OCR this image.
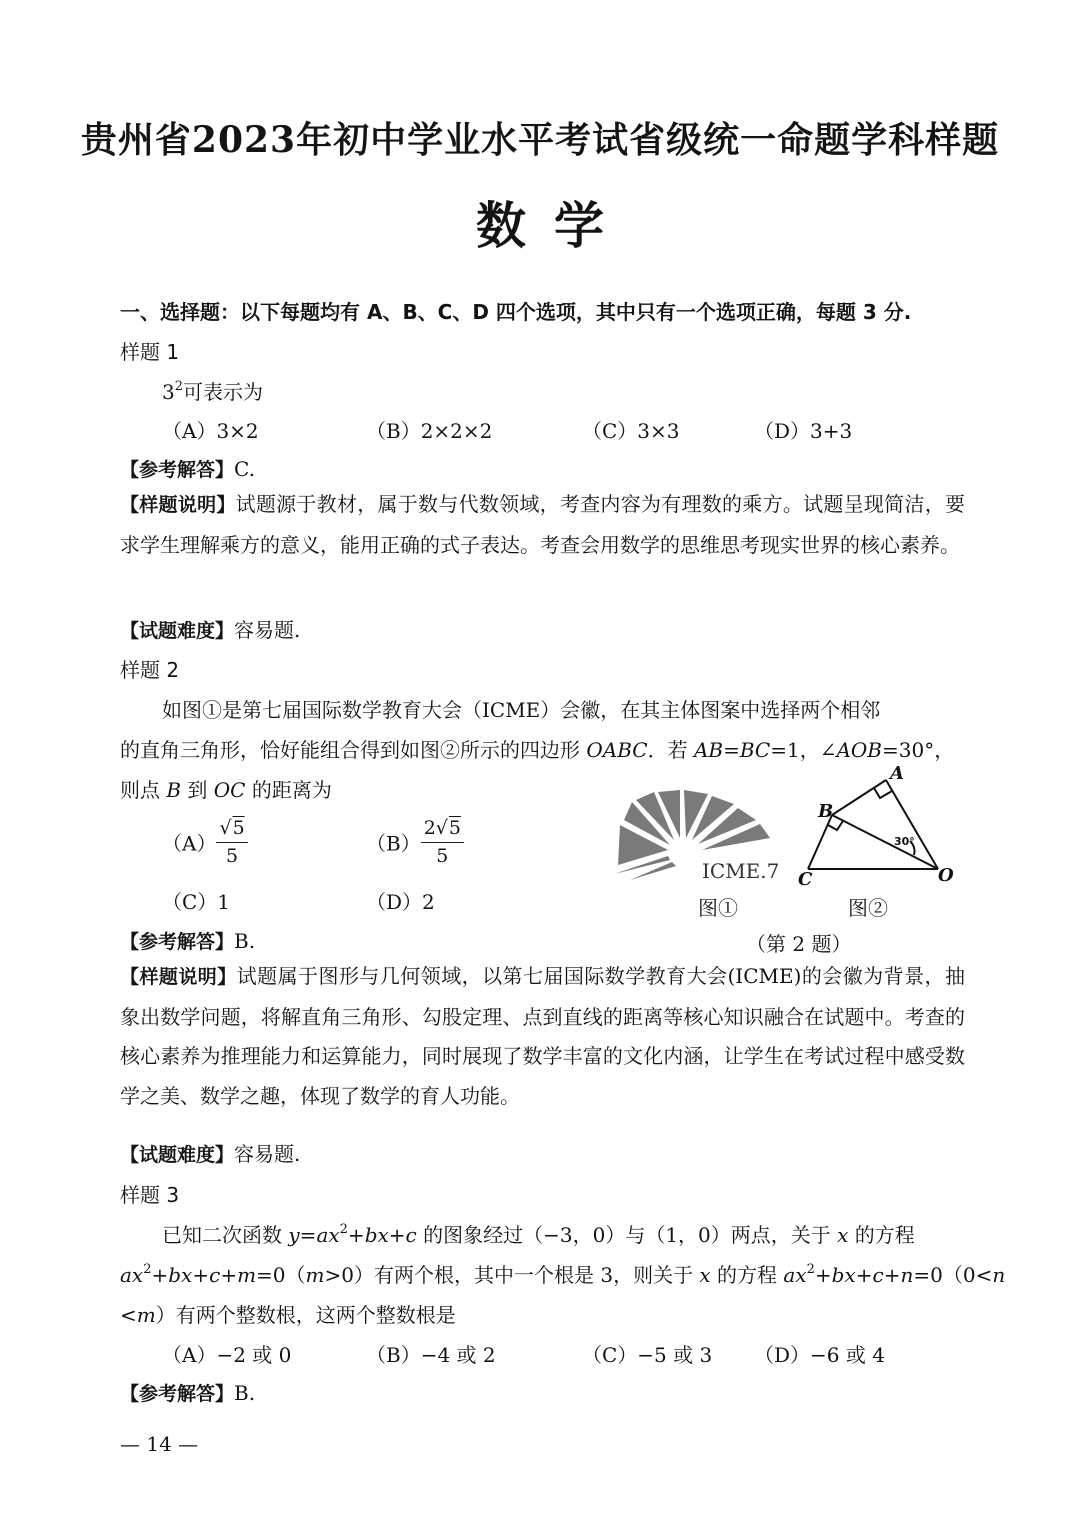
贵州省2023年初中学业水平考试省级统一命题学科样题
数学
一、选择题：以下每题均有 A、B、C、D 四个选项，其中只有一个选项正确，每题 3 分.
样题 1
$3^2$可表示为
（A）3×2	（B）2×2×2	（C）3×3	（D）3+3
【参考解答】C.
【样题说明】试题源于教材，属于数与代数领域，考查内容为有理数的乘方。试题呈现简洁，要求学生理解乘方的意义，能用正确的式子表达。考查会用数学的思维思考现实世界的核心素养。
【试题难度】容易题.
样题 2
如图①是第七届国际数学教育大会（ICME）会徽，在其主体图案中选择两个相邻
的直角三角形，恰好能组合得到如图②所示的四边形 OABC．若 AB=BC=1，∠AOB=30°，
则点 B 到 OC 的距离为
$(A) \frac{√5}{5}$	$(B) \frac{2√5}{5}$
（C）1	（D）2
ICME.7
A
B
C	O
30°
图①	图②
（第 2 题）
【参考解答】B.
【样题说明】试题属于图形与几何领域，以第七届国际数学教育大会(ICME)的会徽为背景，抽象出数学问题，将解直角三角形、勾股定理、点到直线的距离等核心知识融合在试题中。考查的核心素养为推理能力和运算能力，同时展现了数学丰富的文化内涵，让学生在考试过程中感受数学之美、数学之趣，体现了数学的育人功能。
【试题难度】容易题.
样题 3
已知二次函数 $y=ax^2+bx+c$ 的图象经过（−3，0）与（1，0）两点，关于 x 的方程
$ax^2+bx+c+m=0(m>0)$有两个根，其中一个根是 3，则关于 x 的方程 $ax^2+bx+c+n=0(0<n$
<m）有两个整数根，这两个整数根是
（A）−2 或 0	（B）−4 或 2	（C）−5 或 3 （D）−6 或 4
【参考解答】B.
— 14 —
